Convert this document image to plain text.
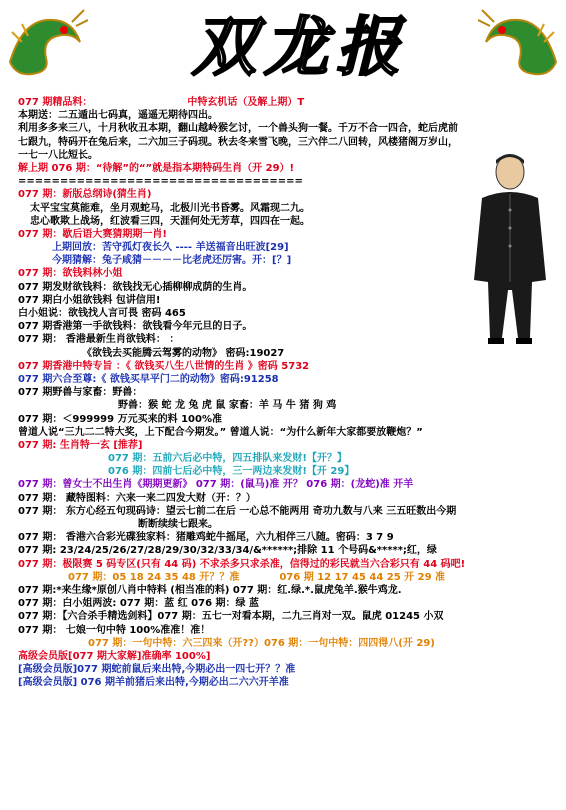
双龙报
077 期精品料：　　　　　　　　　　中特玄机话（及解上期）T
本期送：二五遁出七码真，遥遥无期待四出。
利用多多来三八，十月秋收丑本期，翻山越岭猴乞讨，一个兽头狗一餐。千万不合一四合，蛇后虎前
七跟九，特码开在兔后来，二六加三子码现。秋去冬来雪飞晚，三六伴二八回转，风楼猪阁万岁山，
一七一八比短长。
解上期 076 期：“待解”的“”就是指本期特码生肖（开 29）!
==================================
077 期：新版总纲诗(猜生肖)
太平宝宝莫能难，坐月观蛇马，北极川光书昏雾。风霜现二九。
忠心歌欺上战场，红波看三四，天涯何处无芳草，四四在一起。
077 期：歇后语大赛猜期期一肖!
上期回放：苦守孤灯夜长久 ---- 羊送福音出旺波[29]
今期猜解：兔子咸猜－－－－比老虎还厉害。开：[？]
077 期：欲钱料林小姐
077 期发财欲钱料：欲钱找无心插柳柳成荫的生肖。
077 期白小姐欲钱料 包讲信用!
白小姐说：欲钱找人言可畏 密码 465
077 期香港第一手欲钱料：欲钱看今年元旦的日子。
077 期： 香港最新生肖欲钱料： ：
《欲钱去买能腾云驾雾的动物》 密码:19027
077 期香港中特专旨 ：《 欲钱买八生八世情的生肖 》密码 5732
077 期六合至尊:《 欲钱买早平门二的动物》密码:91258
077 期野兽与家畜：野兽：
野兽：猴 蛇 龙 兔 虎 鼠 家畜：羊 马 牛 猪 狗 鸡
077 期：＜999999 万元买来的料 100%准
曾道人说“三九二二特大奖，上下配合今期发。” 曾道人说：“为什么新年大家都要放鞭炮？”
077 期: 生肖特一玄 [推荐]
　　　　　　　　　077 期：五前六后必中特，四五排队来发财!【开？】
　　　　　　　　　076 期：四前七后必中特，三一两边来发财!【开 29】
077 期：曾女士不出生肖《期期更新》 077 期：(鼠马)准 开？ 076 期：(龙蛇)准 开羊
077 期： 藏特图料：六来一来二四发大财（开：？）
077 期： 东方心经五句现码诗：望云七前二在后 一心总不能两用 奇功九数与八来 三五旺数出今期
　　断断续续七跟来。
077 期： 香港六合彩光碟独家料：猪雕鸡蛇牛摇尾，六九相伴三八随。密码：3 7 9
077 期: 23/24/25/26/27/28/29/30/32/33/34/&******;排除 11 个号码&*****;红，绿
077 期：极限赛 5 码专区(只有 44 码) 不求杀多只求杀准，信得过的彩民就当六合彩只有 44 码吧!
　　　　　077 期：05 18 24 35 48 开？？准　　　　076 期 12 17 45 44 25 开 29 准
077 期:*来生缘*原创八肖中特料 (相当准的料) 077 期：红.绿.*.鼠虎兔羊.猴牛鸡龙.
077 期：白小姐两波: 077 期：蓝 红 076 期：绿 蓝
077 期：【六合杀手精选剑料】077 期：五七一对看本期，二九三肖对一双。鼠虎 01245 小双
077 期： 七娘一句中特 100%准准！准！
　　　　　　　077 期：一句中特：六三四来（开??）076 期：一句中特：四四得八(开 29)
高级会员版[077 期大家解]准确率 100%]
[高级会员版]077 期蛇前鼠后来出特,今期必出一四七开？？准
[高级会员版] 076 期羊前猪后来出特,今期必出二六六开羊准
